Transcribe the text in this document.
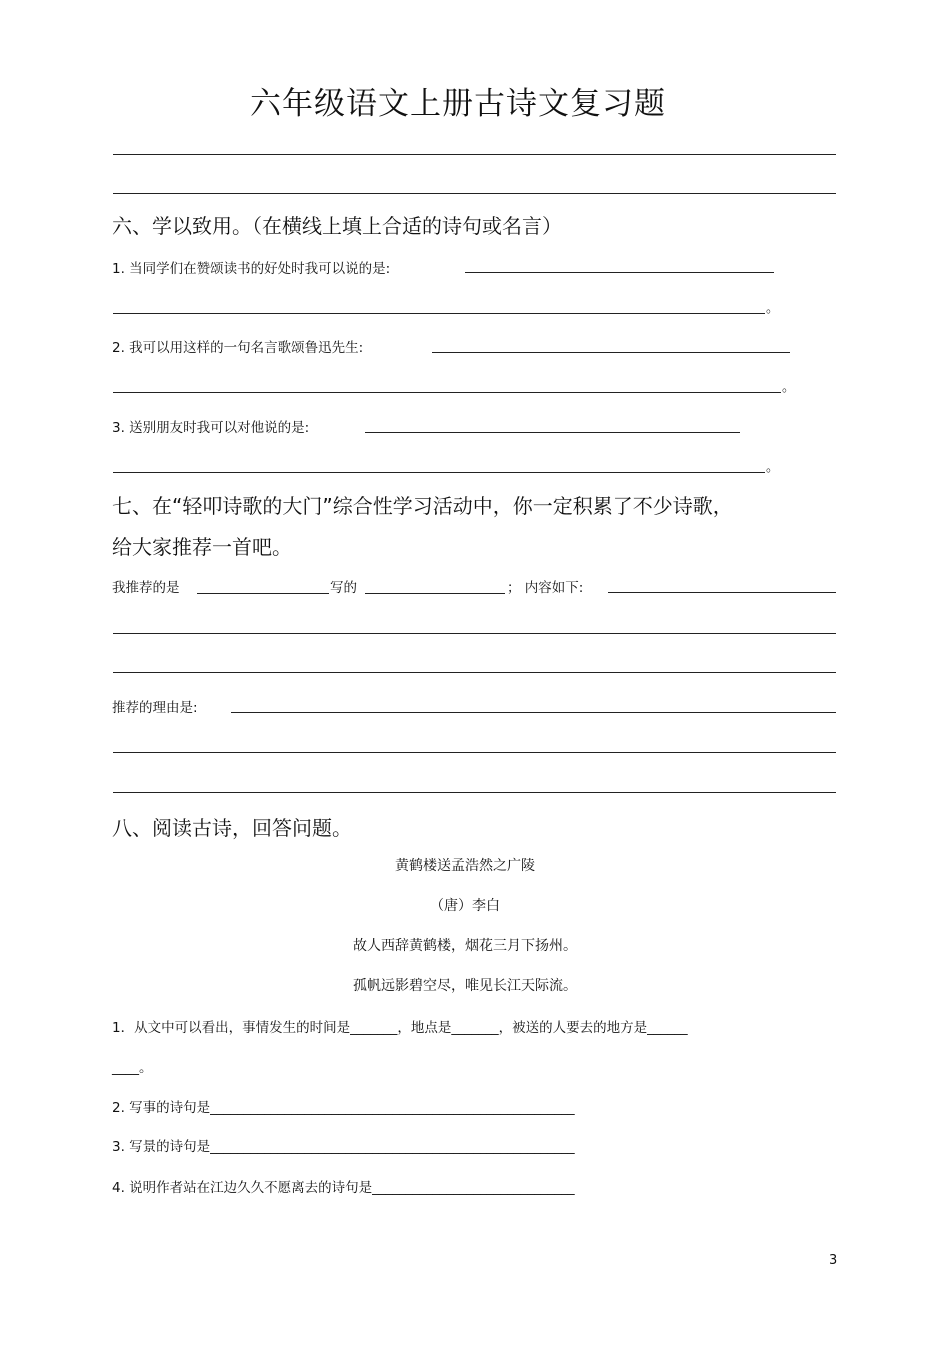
六年级语文上册古诗文复习题
六、学以致用。（在横线上填上合适的诗句或名言）
1. 当同学们在赞颂读书的好处时我可以说的是:
。
2. 我可以用这样的一句名言歌颂鲁迅先生:
。
3. 送别朋友时我可以对他说的是:
。
七、在“轻叩诗歌的大门”综合性学习活动中，你一定积累了不少诗歌，
给大家推荐一首吧。
我推荐的是	写的	； 内容如下:
推荐的理由是:
八、阅读古诗，回答问题。
黄鹤楼送孟浩然之广陵
（唐）李白
故人西辞黄鹤楼，烟花三月下扬州。
孤帆远影碧空尽，唯见长江天际流。
1．从文中可以看出，事情发生的时间是_______，地点是_______，被送的人要去的地方是______
____。
2. 写事的诗句是______________________________________________________
3. 写景的诗句是______________________________________________________
4. 说明作者站在江边久久不愿离去的诗句是______________________________
3
